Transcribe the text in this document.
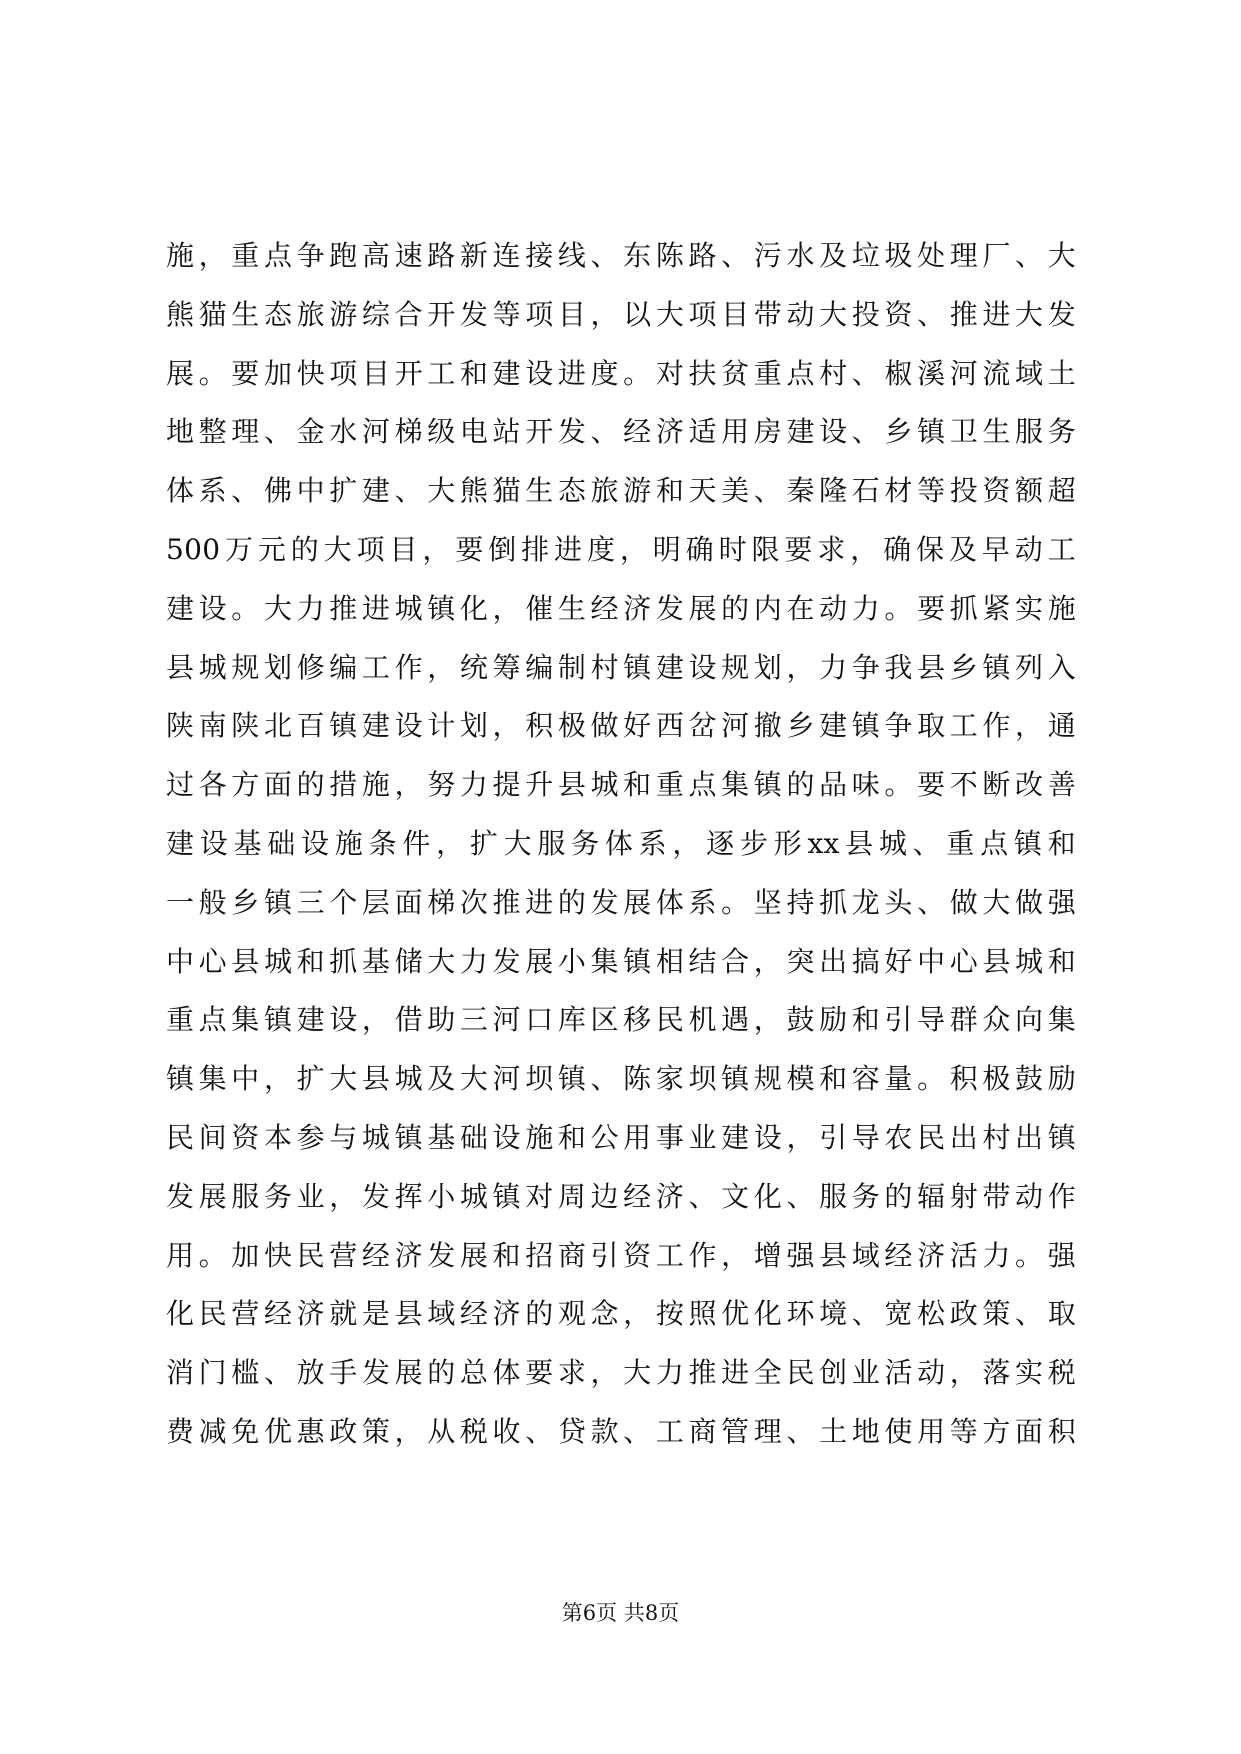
施，重点争跑高速路新连接线、东陈路、污水及垃圾处理厂、大
熊猫生态旅游综合开发等项目，以大项目带动大投资、推进大发
展。要加快项目开工和建设进度。对扶贫重点村、椒溪河流域土
地整理、金水河梯级电站开发、经济适用房建设、乡镇卫生服务
体系、佛中扩建、大熊猫生态旅游和天美、秦隆石材等投资额超
500万元的大项目，要倒排进度，明确时限要求，确保及早动工
建设。大力推进城镇化，催生经济发展的内在动力。要抓紧实施
县城规划修编工作，统筹编制村镇建设规划，力争我县乡镇列入
陕南陕北百镇建设计划，积极做好西岔河撤乡建镇争取工作，通
过各方面的措施，努力提升县城和重点集镇的品味。要不断改善
建设基础设施条件，扩大服务体系，逐步形xx县城、重点镇和
一般乡镇三个层面梯次推进的发展体系。坚持抓龙头、做大做强
中心县城和抓基储大力发展小集镇相结合，突出搞好中心县城和
重点集镇建设，借助三河口库区移民机遇，鼓励和引导群众向集
镇集中，扩大县城及大河坝镇、陈家坝镇规模和容量。积极鼓励
民间资本参与城镇基础设施和公用事业建设，引导农民出村出镇
发展服务业，发挥小城镇对周边经济、文化、服务的辐射带动作
用。加快民营经济发展和招商引资工作，增强县域经济活力。强
化民营经济就是县域经济的观念，按照优化环境、宽松政策、取
消门槛、放手发展的总体要求，大力推进全民创业活动，落实税
费减免优惠政策，从税收、贷款、工商管理、土地使用等方面积
第6页 共8页
